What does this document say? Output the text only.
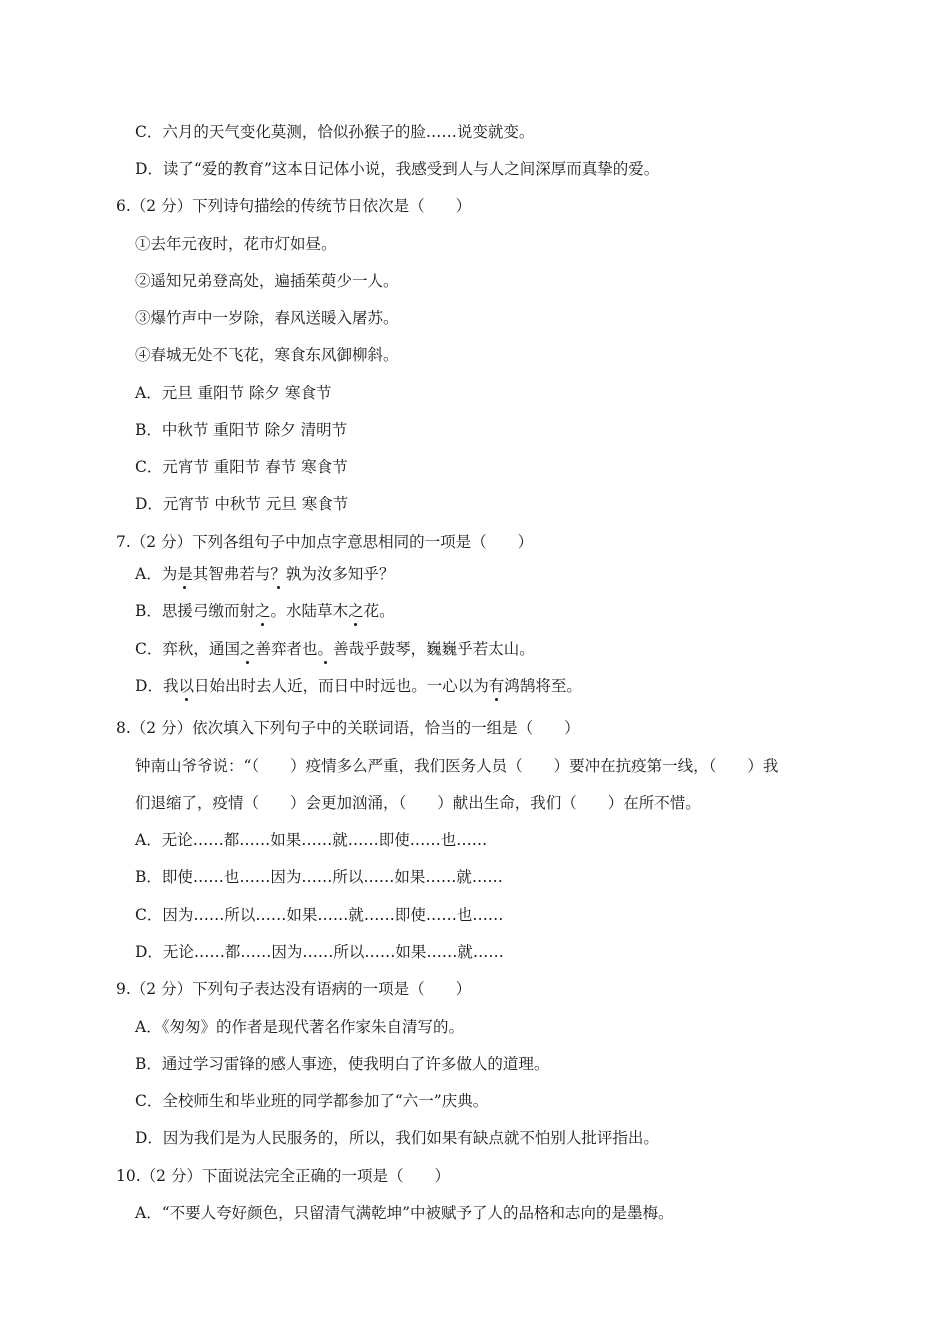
C．六月的天气变化莫测，恰似孙猴子的脸……说变就变。
D．读了“爱的教育”这本日记体小说，我感受到人与人之间深厚而真挚的爱。
6.（2 分）下列诗句描绘的传统节日依次是（　　）
①去年元夜时，花市灯如昼。
②遥知兄弟登高处，遍插茱萸少一人。
③爆竹声中一岁除，春风送暖入屠苏。
④春城无处不飞花，寒食东风御柳斜。
A．元旦 重阳节 除夕 寒食节
B．中秋节 重阳节 除夕 清明节
C．元宵节 重阳节 春节 寒食节
D．元宵节 中秋节 元旦 寒食节
7.（2 分）下列各组句子中加点字意思相同的一项是（　　）
A．为是其智弗若与？孰为汝多知乎？
B．思援弓缴而射之。水陆草木之花。
C．弈秋，通国之善弈者也。善哉乎鼓琴，巍巍乎若太山。
D．我以日始出时去人近，而日中时远也。一心以为有鸿鹄将至。
8.（2 分）依次填入下列句子中的关联词语，恰当的一组是（　　）
钟南山爷爷说：“（　　）疫情多么严重，我们医务人员（　　）要冲在抗疫第一线，（　　）我
们退缩了，疫情（　　）会更加汹涌，（　　）献出生命，我们（　　）在所不惜。
A．无论……都……如果……就……即使……也……
B．即使……也……因为……所以……如果……就……
C．因为……所以……如果……就……即使……也……
D．无论……都……因为……所以……如果……就……
9.（2 分）下列句子表达没有语病的一项是（　　）
A．《匆匆》的作者是现代著名作家朱自清写的。
B．通过学习雷锋的感人事迹，使我明白了许多做人的道理。
C．全校师生和毕业班的同学都参加了“六一”庆典。
D．因为我们是为人民服务的，所以，我们如果有缺点就不怕别人批评指出。
10.（2 分）下面说法完全正确的一项是（　　）
A．“不要人夸好颜色，只留清气满乾坤”中被赋予了人的品格和志向的是墨梅。
